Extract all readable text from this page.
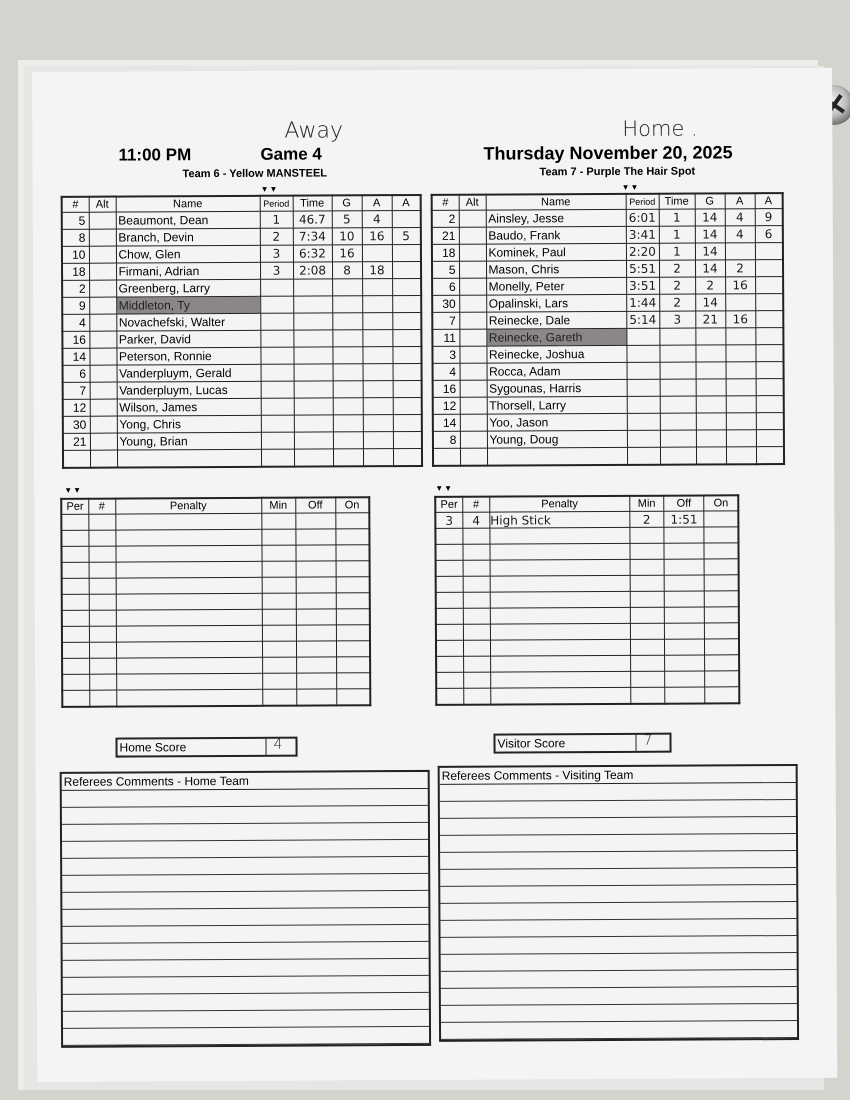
11:00 PM	Game 4
Away	Home .
Thursday November 20, 2025
Team 6 - Yellow MANSTEEL	Team 7 - Purple The Hair Spot
▼▼	▼▼
▼▼	▼▼
#	Alt	Name	Period	Time	G	A	A
5		Beaumont, Dean	1	46.7	5	4	
8		Branch, Devin	2	7:34	10	16	5
10		Chow, Glen	3	6:32	16		
18		Firmani, Adrian	3	2:08	8	18	
2		Greenberg, Larry					
9		Middleton, Ty					
4		Novachefski, Walter					
16		Parker, David					
14		Peterson, Ronnie					
6		Vanderpluym, Gerald					
7		Vanderpluym, Lucas					
12		Wilson, James					
30		Yong, Chris					
21		Young, Brian					

#	Alt	Name	Period	Time	G	A	A
2		Ainsley, Jesse	6:01	1	14	4	9
21		Baudo, Frank	3:41	1	14	4	6
18		Kominek, Paul	2:20	1	14		
5		Mason, Chris	5:51	2	14	2	
6		Monelly, Peter	3:51	2	2	16	
30		Opalinski, Lars	1:44	2	14		
7		Reinecke, Dale	5:14	3	21	16	
11		Reinecke, Gareth					
3		Reinecke, Joshua					
4		Rocca, Adam					
16		Sygounas, Harris					
12		Thorsell, Larry					
14		Yoo, Jason					
8		Young, Doug					

Per	#	Penalty	Min	Off	On

						Per	#	Penalty	Min	Off	On
3	4	High Stick	2	1:51	

Home Score	4	Visitor Score	7
Referees Comments - Home Team	Referees Comments - Visiting Team
